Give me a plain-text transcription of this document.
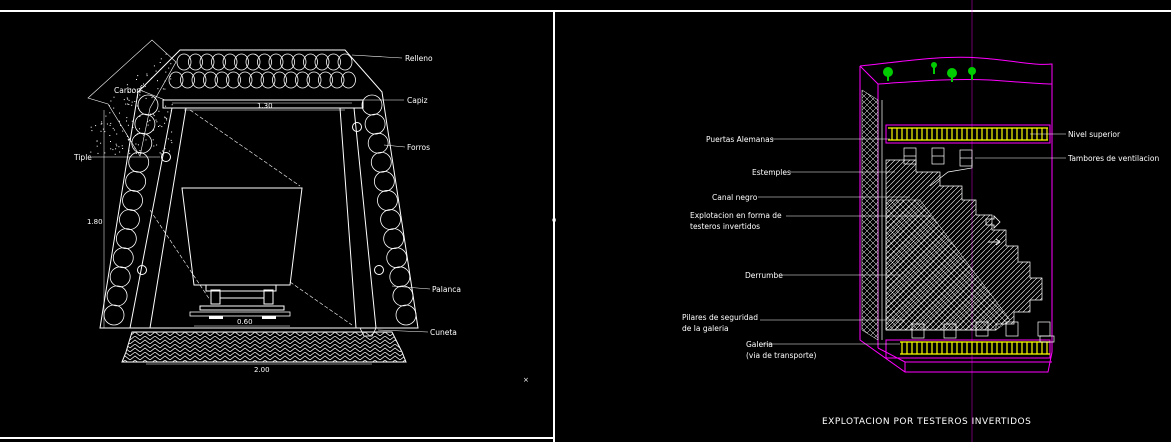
1.30
1.80
0.60
2.00
Relleno
Capiz
Forros
Palanca
Cuneta
Carbon
Tiple
o
×
Puertas Alemanas
Estemples
Canal negro
Explotacion en forma de
testeros invertidos
Derrumbe
Pilares de seguridad
de la galeria
Galeria
(via de transporte)
Nivel superior
Tambores de ventilacion
EXPLOTACION POR TESTEROS INVERTIDOS
